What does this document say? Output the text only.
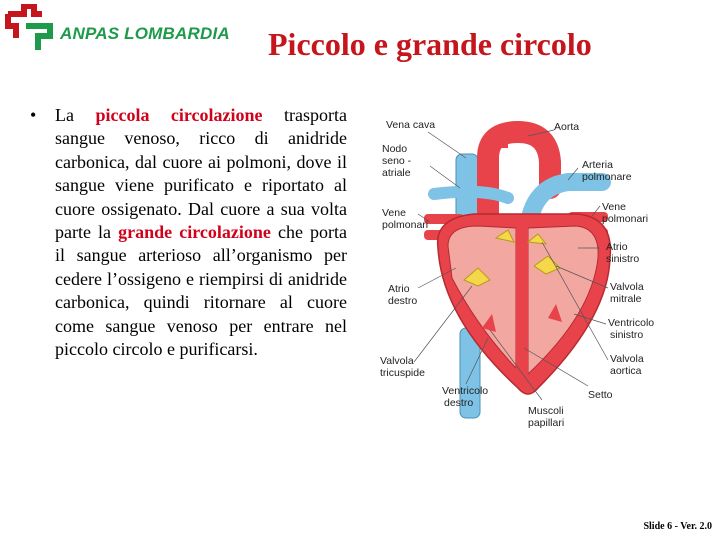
ANPAS LOMBARDIA Piccolo e grande circolo
• La piccola circolazione trasporta sangue venoso, ricco di anidride carbonica, dal cuore ai polmoni, dove il sangue viene purificato e riportato al cuore ossigenato. Dal cuore a sua volta parte la grande circolazione che porta il sangue arterioso all’organismo per cedere l’ossigeno e riempirsi di anidride carbonica, quindi ritornare al cuore come sangue venoso per entrare nel piccolo circolo e purificarsi.
Vena cava	Aorta
Nodo
seno -
atriale
Arteria
polmonare
Vene
polmonari
Vene
polmonari
Atrio
sinistro
Atrio
destro
Valvola
mitrale
Ventricolo
sinistro
Valvola
tricuspide
Valvola
aortica
Ventricolo
destro
Setto
Muscoli
papillari
Slide 6 - Ver. 2.0
